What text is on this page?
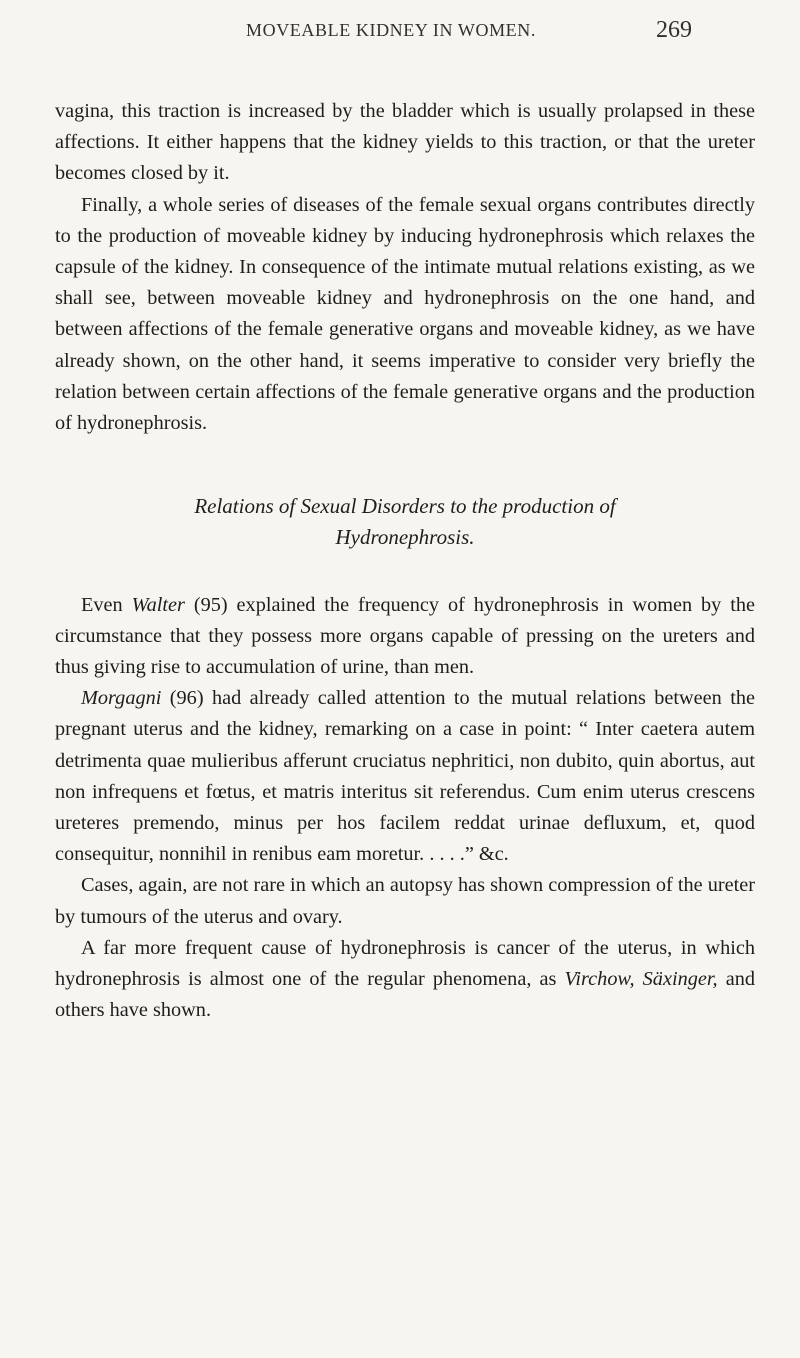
MOVEABLE KIDNEY IN WOMEN.	269

vagina, this traction is increased by the bladder which is usually prolapsed in these affections. It either happens that the kidney yields to this traction, or that the ureter becomes closed by it.

Finally, a whole series of diseases of the female sexual organs contributes directly to the production of moveable kidney by inducing hydronephrosis which relaxes the capsule of the kidney. In consequence of the intimate mutual relations existing, as we shall see, between moveable kidney and hydronephrosis on the one hand, and between affections of the female generative organs and moveable kidney, as we have already shown, on the other hand, it seems imperative to consider very briefly the relation between certain affections of the female generative organs and the production of hydronephrosis.

Relations of Sexual Disorders to the production of
Hydronephrosis.

Even Walter (95) explained the frequency of hydronephrosis in women by the circumstance that they possess more organs capable of pressing on the ureters and thus giving rise to accumulation of urine, than men.

Morgagni (96) had already called attention to the mutual relations between the pregnant uterus and the kidney, remarking on a case in point: “ Inter caetera autem detrimenta quae mulieribus afferunt cruciatus nephritici, non dubito, quin abortus, aut non infrequens et fœtus, et matris interitus sit referendus. Cum enim uterus crescens ureteres premendo, minus per hos facilem reddat urinae defluxum, et, quod consequitur, nonnihil in renibus eam moretur. . . . .” &c.

Cases, again, are not rare in which an autopsy has shown compression of the ureter by tumours of the uterus and ovary.

A far more frequent cause of hydronephrosis is cancer of the uterus, in which hydronephrosis is almost one of the regular phenomena, as Virchow, Säxinger, and others have shown.
